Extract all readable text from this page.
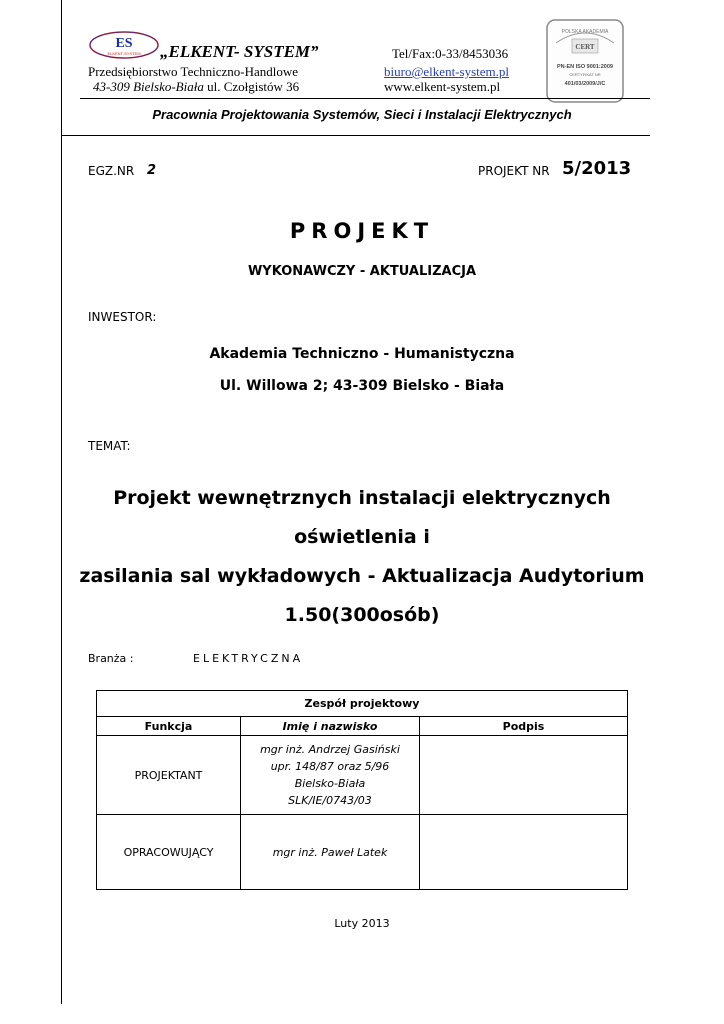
ES
ELKENT-SYSTEM „ELKENT- SYSTEM”
Przedsiębiorstwo Techniczno-Handlowe
43-309 Bielsko-Biała ul. Czołgistów 36
Tel/Fax:0-33/8453036
biuro@elkent-system.pl
www.elkent-system.pl
POLSKA AKADEMIA
CERT
PN-EN ISO 9001:2009
CERTYFIKAT NR
401/03/2009/J/C
Pracownia Projektowania Systemów, Sieci i Instalacji Elektrycznych
EGZ.NR 2	PROJEKT NR 5/2013
PROJEKT
WYKONAWCZY - AKTUALIZACJA
INWESTOR:
Akademia Techniczno - Humanistyczna
Ul. Willowa 2; 43-309 Bielsko - Biała
TEMAT:
Projekt wewnętrznych instalacji elektrycznych oświetlenia i
zasilania sal wykładowych - Aktualizacja Audytorium
1.50(300osób)
Branża :	ELEKTRYCZNA
Zespół projektowy		
Funkcja	Imię i nazwisko	Podpis
PROJEKTANT	mgr inż. Andrzej Gasiński
upr. 148/87 oraz 5/96
Bielsko-Biała
SLK/IE/0743/03	

OPRACOWUJĄCY	mgr inż. Paweł Latek	

Luty 2013
